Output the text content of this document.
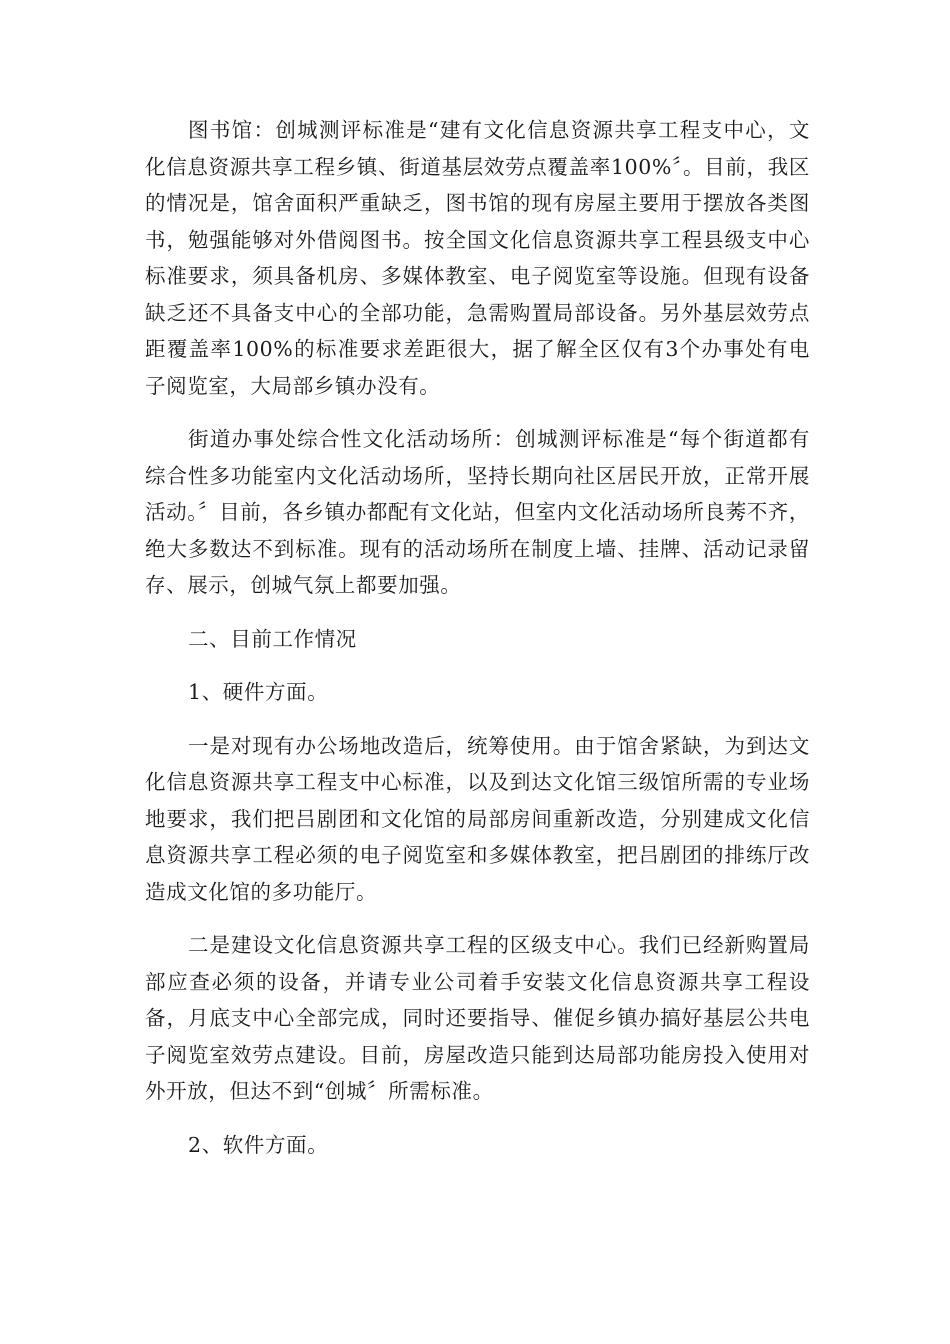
图书馆：创城测评标准是“建有文化信息资源共享工程支中心，文化信息资源共享工程乡镇、街道基层效劳点覆盖率100%〞。目前，我区的情况是，馆舍面积严重缺乏，图书馆的现有房屋主要用于摆放各类图书，勉强能够对外借阅图书。按全国文化信息资源共享工程县级支中心标准要求，须具备机房、多媒体教室、电子阅览室等设施。但现有设备缺乏还不具备支中心的全部功能，急需购置局部设备。另外基层效劳点距覆盖率100%的标准要求差距很大，据了解全区仅有3个办事处有电子阅览室，大局部乡镇办没有。

街道办事处综合性文化活动场所：创城测评标准是“每个街道都有综合性多功能室内文化活动场所，坚持长期向社区居民开放，正常开展活动。〞目前，各乡镇办都配有文化站，但室内文化活动场所良莠不齐，绝大多数达不到标准。现有的活动场所在制度上墙、挂牌、活动记录留存、展示，创城气氛上都要加强。

二、目前工作情况

1、硬件方面。

一是对现有办公场地改造后，统筹使用。由于馆舍紧缺，为到达文化信息资源共享工程支中心标准，以及到达文化馆三级馆所需的专业场地要求，我们把吕剧团和文化馆的局部房间重新改造，分别建成文化信息资源共享工程必须的电子阅览室和多媒体教室，把吕剧团的排练厅改造成文化馆的多功能厅。

二是建设文化信息资源共享工程的区级支中心。我们已经新购置局部应查必须的设备，并请专业公司着手安装文化信息资源共享工程设备，月底支中心全部完成，同时还要指导、催促乡镇办搞好基层公共电子阅览室效劳点建设。目前，房屋改造只能到达局部功能房投入使用对外开放，但达不到“创城〞所需标准。

2、软件方面。
